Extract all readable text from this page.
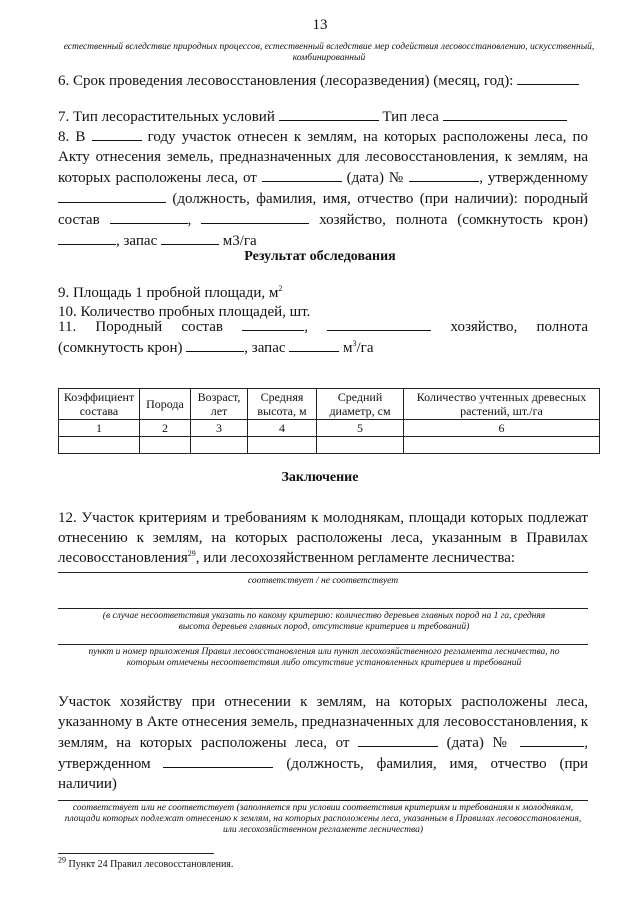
13
естественный вследствие природных процессов, естественный вследствие мер содействия лесовосстановлению, искусственный, комбинированный
6. Срок проведения лесовосстановления (лесоразведения) (месяц, год):
7. Тип лесорастительных условий	Тип леса
8. В	году участок отнесен к землям, на которых расположены леса, по
Акту отнесения земель, предназначенных для лесовосстановления, к землям, на
которых расположены леса, от	(дата) №	, утвержденному
(должность, фамилия, имя, отчество (при наличии): породный
состав	,	хозяйство, полнота (сомкнутость крон)
, запас	м3/га
Результат обследования
9. Площадь 1 пробной площади, $м^2$
10. Количество пробных площадей, шт.
11. Породный состав	,	хозяйство, полнота
(сомкнутость крон)	, запас	$м^3/га$
Коэффициент состава	Порода	Возраст, лет	Средняя высота, м	Средний диаметр, см	Количество учтенных древесных растений, шт./га
1	2	3	4	5	6

Заключение
12. Участок критериям и требованиям к молоднякам, площади которых подлежат
отнесению к землям, на которых расположены леса, указанным в Правилах
лесовосстановления$^{29}$, или лесохозяйственном регламенте лесничества:
соответствует / не соответствует
(в случае несоответствия указать по какому критерию: количество деревьев главных пород на 1 га, средняя высота деревьев главных пород, отсутствие критериев и требований)
пункт и номер приложения Правил лесовосстановления или пункт лесохозяйственного регламента лесничества, по которым отмечены несоответствия либо отсутствие установленных критериев и требований
Участок хозяйству при отнесении к землям, на которых расположены леса,
указанному в Акте отнесения земель, предназначенных для лесовосстановления, к
землям, на которых расположены леса, от	(дата) №	,
утвержденном	(должность, фамилия, имя, отчество (при
наличии)
соответствует или не соответствует (заполняется при условии соответствия критериям и требованиям к молоднякам, площади которых подлежат отнесению к землям, на которых расположены леса, указанным в Правилах лесовосстановления, или лесохозяйственном регламенте лесничества)
$^{29}$ Пункт 24 Правил лесовосстановления.
